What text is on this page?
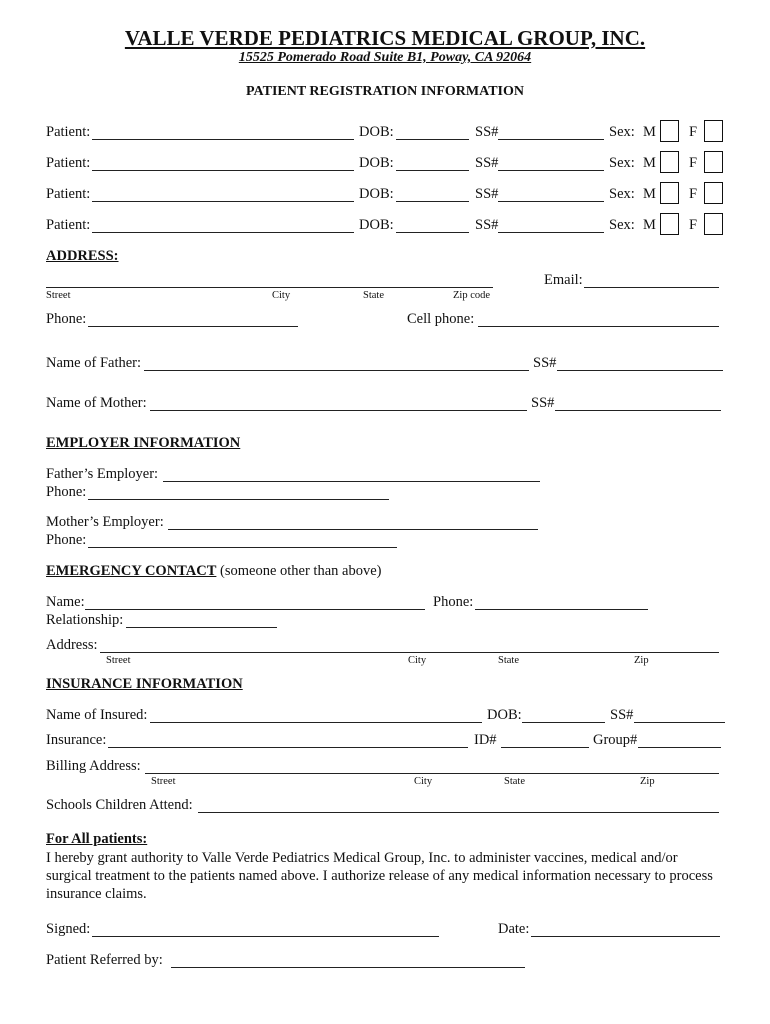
VALLE VERDE PEDIATRICS MEDICAL GROUP, INC.
15525 Pomerado Road Suite B1, Poway, CA 92064
PATIENT REGISTRATION INFORMATION
Patient:	DOB:	SS#	Sex: M F
Patient:	DOB:	SS#	Sex: M F
Patient:	DOB:	SS#	Sex: M F
Patient:	DOB:	SS#	Sex: M F
ADDRESS:
Email:
Street	City	State	Zip code
Phone:	Cell phone:
Name of Father:	SS#
Name of Mother:	SS#
EMPLOYER INFORMATION
Father’s Employer:
Phone:
Mother’s Employer:
Phone:
EMERGENCY CONTACT (someone other than above)
Name:	Phone:
Relationship:
Address:
Street	City	State	Zip
INSURANCE INFORMATION
Name of Insured:	DOB:	SS#
Insurance:	ID#	Group#
Billing Address:
Street	City	State	Zip
Schools Children Attend:
For All patients:
I hereby grant authority to Valle Verde Pediatrics Medical Group, Inc. to administer vaccines, medical and/or surgical treatment to the patients named above. I authorize release of any medical information necessary to process insurance claims.
Signed:	Date:
Patient Referred by:
